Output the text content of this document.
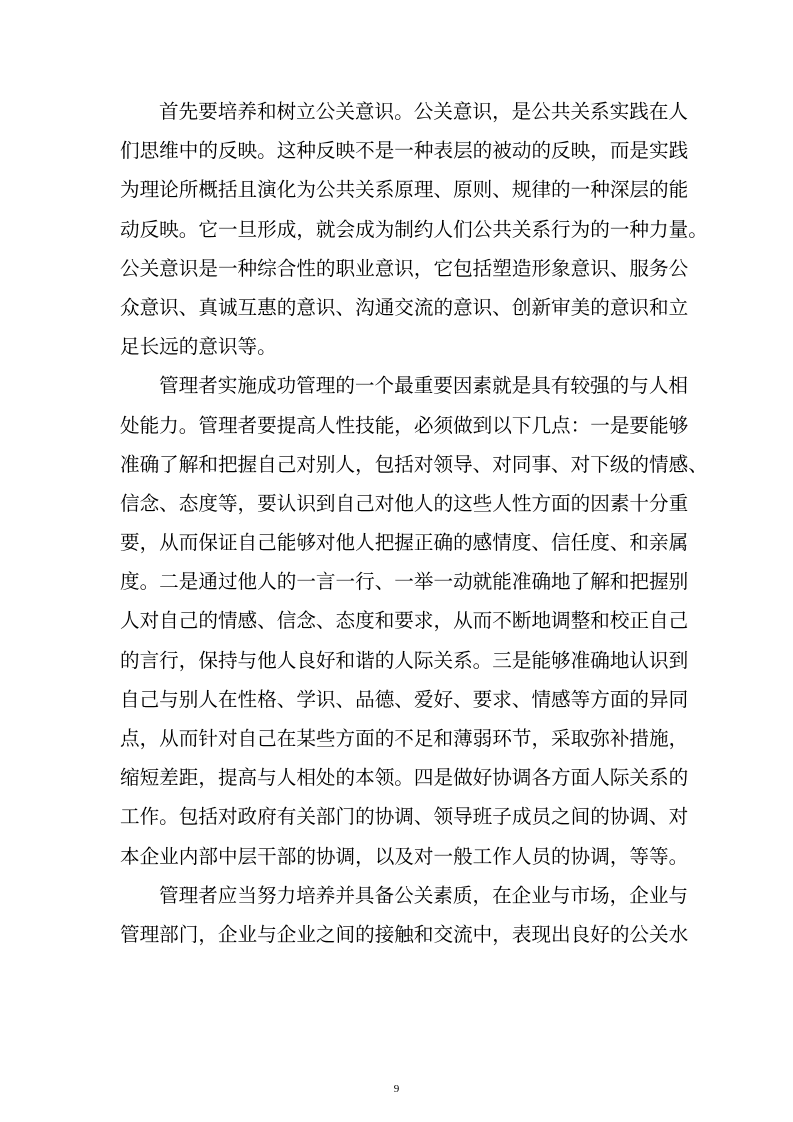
首先要培养和树立公关意识。公关意识，是公共关系实践在人
们思维中的反映。这种反映不是一种表层的被动的反映，而是实践
为理论所概括且演化为公共关系原理、原则、规律的一种深层的能
动反映。它一旦形成，就会成为制约人们公共关系行为的一种力量。
公关意识是一种综合性的职业意识，它包括塑造形象意识、服务公
众意识、真诚互惠的意识、沟通交流的意识、创新审美的意识和立
足长远的意识等。
管理者实施成功管理的一个最重要因素就是具有较强的与人相
处能力。管理者要提高人性技能，必须做到以下几点：一是要能够
准确了解和把握自己对别人，包括对领导、对同事、对下级的情感、
信念、态度等，要认识到自己对他人的这些人性方面的因素十分重
要，从而保证自己能够对他人把握正确的感情度、信任度、和亲属
度。二是通过他人的一言一行、一举一动就能准确地了解和把握别
人对自己的情感、信念、态度和要求，从而不断地调整和校正自己
的言行，保持与他人良好和谐的人际关系。三是能够准确地认识到
自己与别人在性格、学识、品德、爱好、要求、情感等方面的异同
点，从而针对自己在某些方面的不足和薄弱环节，采取弥补措施，
缩短差距，提高与人相处的本领。四是做好协调各方面人际关系的
工作。包括对政府有关部门的协调、领导班子成员之间的协调、对
本企业内部中层干部的协调，以及对一般工作人员的协调，等等。
管理者应当努力培养并具备公关素质，在企业与市场，企业与
管理部门，企业与企业之间的接触和交流中，表现出良好的公关水
9
